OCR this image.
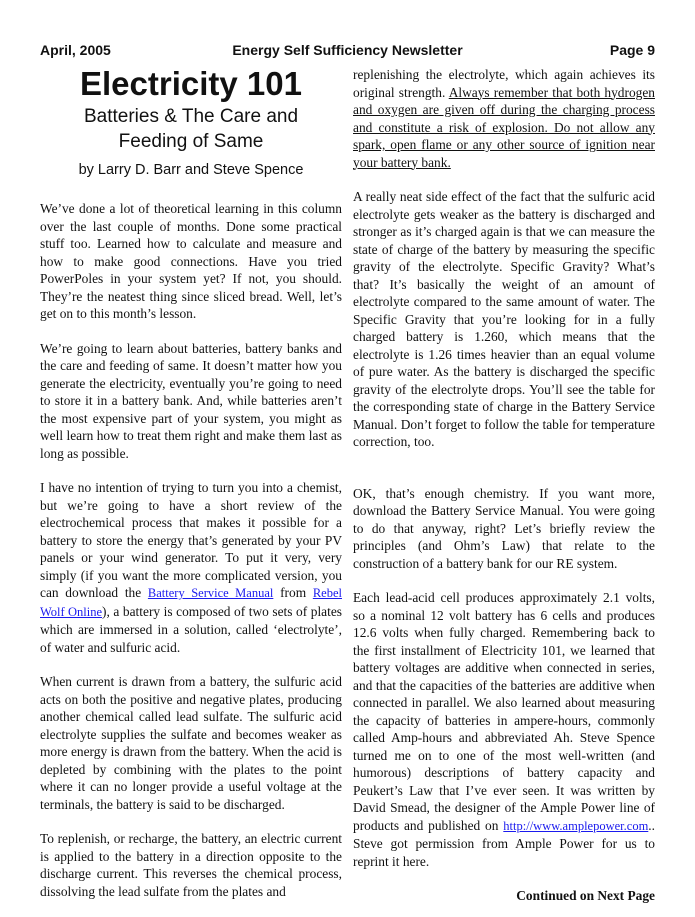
April, 2005	Energy Self Sufficiency Newsletter	Page 9
Electricity 101
Batteries & The Care and
Feeding of Same
by Larry D. Barr and Steve Spence

We’ve done a lot of theoretical learning in this column over the last couple of months. Done some practical stuff too. Learned how to calculate and measure and how to make good connections. Have you tried PowerPoles in your system yet? If not, you should. They’re the neatest thing since sliced bread. Well, let’s get on to this month’s lesson.

We’re going to learn about batteries, battery banks and the care and feeding of same. It doesn’t matter how you generate the electricity, eventually you’re going to need to store it in a battery bank. And, while batteries aren’t the most expensive part of your system, you might as well learn how to treat them right and make them last as long as possible.

I have no intention of trying to turn you into a chemist, but we’re going to have a short review of the electrochemical process that makes it possible for a battery to store the energy that’s generated by your PV panels or your wind generator. To put it very, very simply (if you want the more complicated version, you can download the Battery Service Manual from Rebel Wolf Online), a battery is composed of two sets of plates which are immersed in a solution, called ‘electrolyte’, of water and sulfuric acid.

When current is drawn from a battery, the sulfuric acid acts on both the positive and negative plates, producing another chemical called lead sulfate. The sulfuric acid electrolyte supplies the sulfate and becomes weaker as more energy is drawn from the battery. When the acid is depleted by combining with the plates to the point where it can no longer provide a useful voltage at the terminals, the battery is said to be discharged.

To replenish, or recharge, the battery, an electric current is applied to the battery in a direction opposite to the discharge current. This reverses the chemical process, dissolving the lead sulfate from the plates and

replenishing the electrolyte, which again achieves its original strength. Always remember that both hydrogen and oxygen are given off during the charging process and constitute a risk of explosion. Do not allow any spark, open flame or any other source of ignition near your battery bank.

A really neat side effect of the fact that the sulfuric acid electrolyte gets weaker as the battery is discharged and stronger as it’s charged again is that we can measure the state of charge of the battery by measuring the specific gravity of the electrolyte. Specific Gravity? What’s that? It’s basically the weight of an amount of electrolyte compared to the same amount of water. The Specific Gravity that you’re looking for in a fully charged battery is 1.260, which means that the electrolyte is 1.26 times heavier than an equal volume of pure water. As the battery is discharged the specific gravity of the electrolyte drops. You’ll see the table for the corresponding state of charge in the Battery Service Manual. Don’t forget to follow the table for temperature correction, too.

OK, that’s enough chemistry. If you want more, download the Battery Service Manual. You were going to do that anyway, right? Let’s briefly review the principles (and Ohm’s Law) that relate to the construction of a battery bank for our RE system.

Each lead-acid cell produces approximately 2.1 volts, so a nominal 12 volt battery has 6 cells and produces 12.6 volts when fully charged. Remembering back to the first installment of Electricity 101, we learned that battery voltages are additive when connected in series, and that the capacities of the batteries are additive when connected in parallel. We also learned about measuring the capacity of batteries in ampere-hours, commonly called Amp-hours and abbreviated Ah. Steve Spence turned me on to one of the most well-written (and humorous) descriptions of battery capacity and Peukert’s Law that I’ve ever seen. It was written by David Smead, the designer of the Ample Power line of products and published on http://www.amplepower.com.. Steve got permission from Ample Power for us to reprint it here.

Continued on Next Page
